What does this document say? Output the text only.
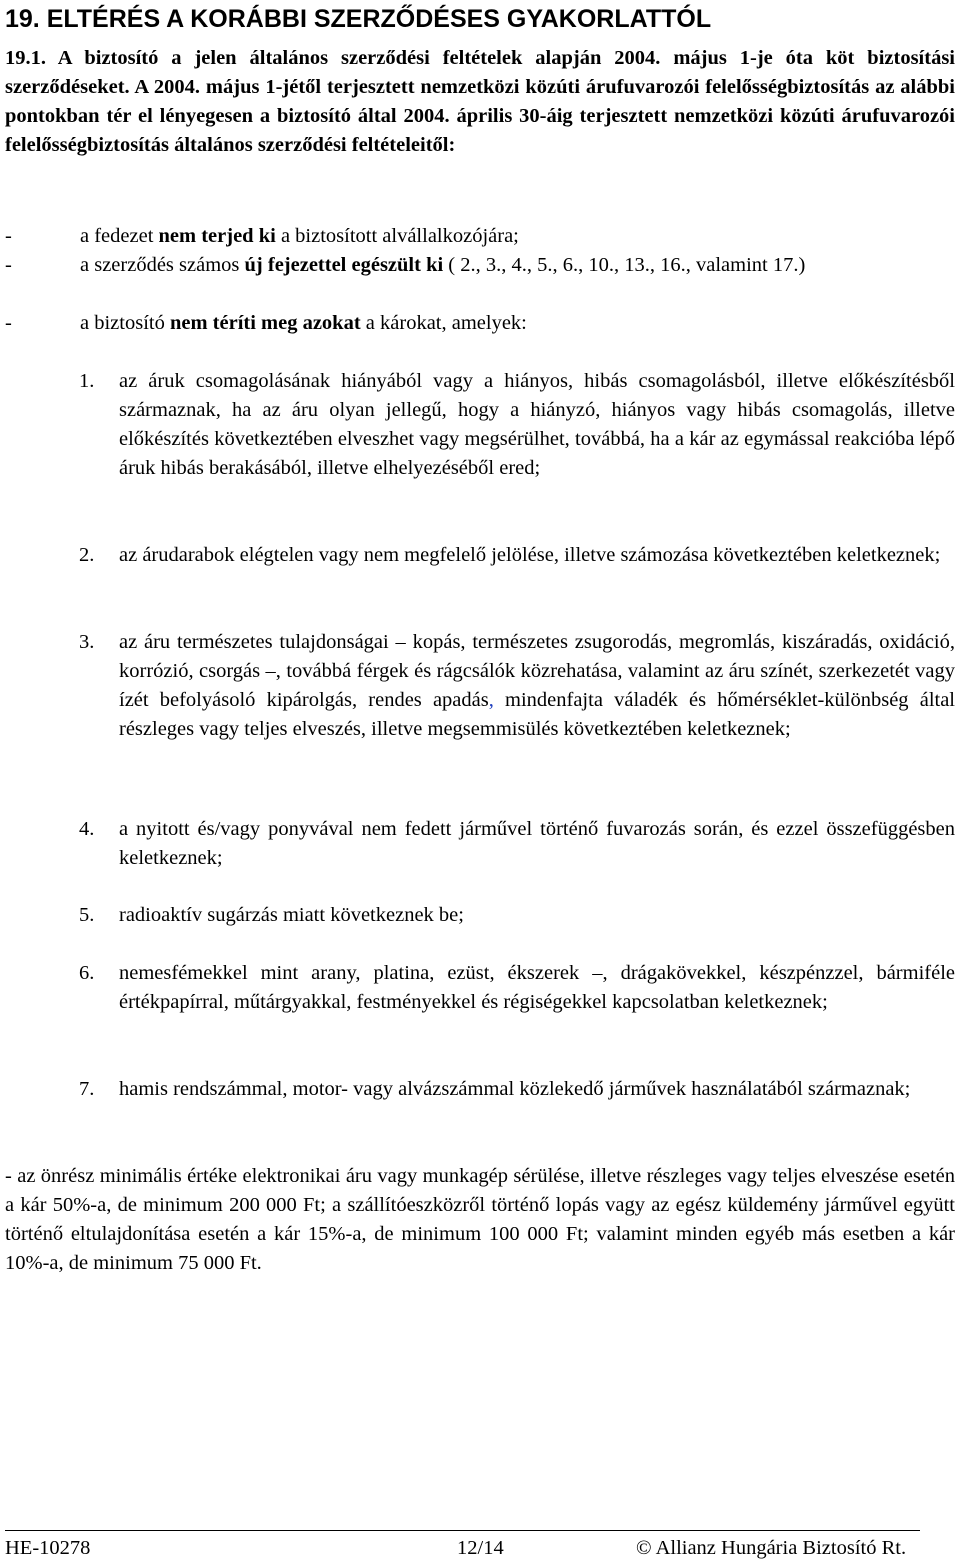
19. ELTÉRÉS A KORÁBBI SZERZŐDÉSES GYAKORLATTÓL
19.1. A biztosító a jelen általános szerződési feltételek alapján 2004. május 1-je óta köt biztosítási szerződéseket. A 2004. május 1-jétől terjesztett nemzetközi közúti árufuvarozói felelősségbiztosítás az alábbi pontokban tér el lényegesen a biztosító által 2004. április 30-áig terjesztett nemzetközi közúti árufuvarozói felelősségbiztosítás általános szerződési feltételeitől:
-	a fedezet nem terjed ki a biztosított alvállalkozójára;
-	a szerződés számos új fejezettel egészült ki ( 2., 3., 4., 5., 6., 10., 13., 16., valamint 17.)
-	a biztosító nem téríti meg azokat a károkat, amelyek:
1. az áruk csomagolásának hiányából vagy a hiányos, hibás csomagolásból, illetve előkészítésből származnak, ha az áru olyan jellegű, hogy a hiányzó, hiányos vagy hibás csomagolás, illetve előkészítés következtében elveszhet vagy megsérülhet, továbbá, ha a kár az egymással reakcióba lépő áruk hibás berakásából, illetve elhelyezéséből ered;
2. az árudarabok elégtelen vagy nem megfelelő jelölése, illetve számozása következtében keletkeznek;
3. az áru természetes tulajdonságai – kopás, természetes zsugorodás, megromlás, kiszáradás, oxidáció, korrózió, csorgás –, továbbá férgek és rágcsálók közrehatása, valamint az áru színét, szerkezetét vagy ízét befolyásoló kipárolgás, rendes apadás, mindenfajta váladék és hőmérséklet-különbség által részleges vagy teljes elveszés, illetve megsemmisülés következtében keletkeznek;
4. a nyitott és/vagy ponyvával nem fedett járművel történő fuvarozás során, és ezzel összefüggésben keletkeznek;
5. radioaktív sugárzás miatt következnek be;
6. nemesfémekkel mint arany, platina, ezüst, ékszerek –, drágakövekkel, készpénzzel, bármiféle értékpapírral, műtárgyakkal, festményekkel és régiségekkel kapcsolatban keletkeznek;
7. hamis rendszámmal, motor- vagy alvázszámmal közlekedő járművek használatából származnak;
- az önrész minimális értéke elektronikai áru vagy munkagép sérülése, illetve részleges vagy teljes elveszése esetén a kár 50%-a, de minimum 200 000 Ft; a szállítóeszközről történő lopás vagy az egész küldemény járművel együtt történő eltulajdonítása esetén a kár 15%-a, de minimum 100 000 Ft; valamint minden egyéb más esetben a kár 10%-a, de minimum 75 000 Ft.
HE-10278	12/14	© Allianz Hungária Biztosító Rt.
